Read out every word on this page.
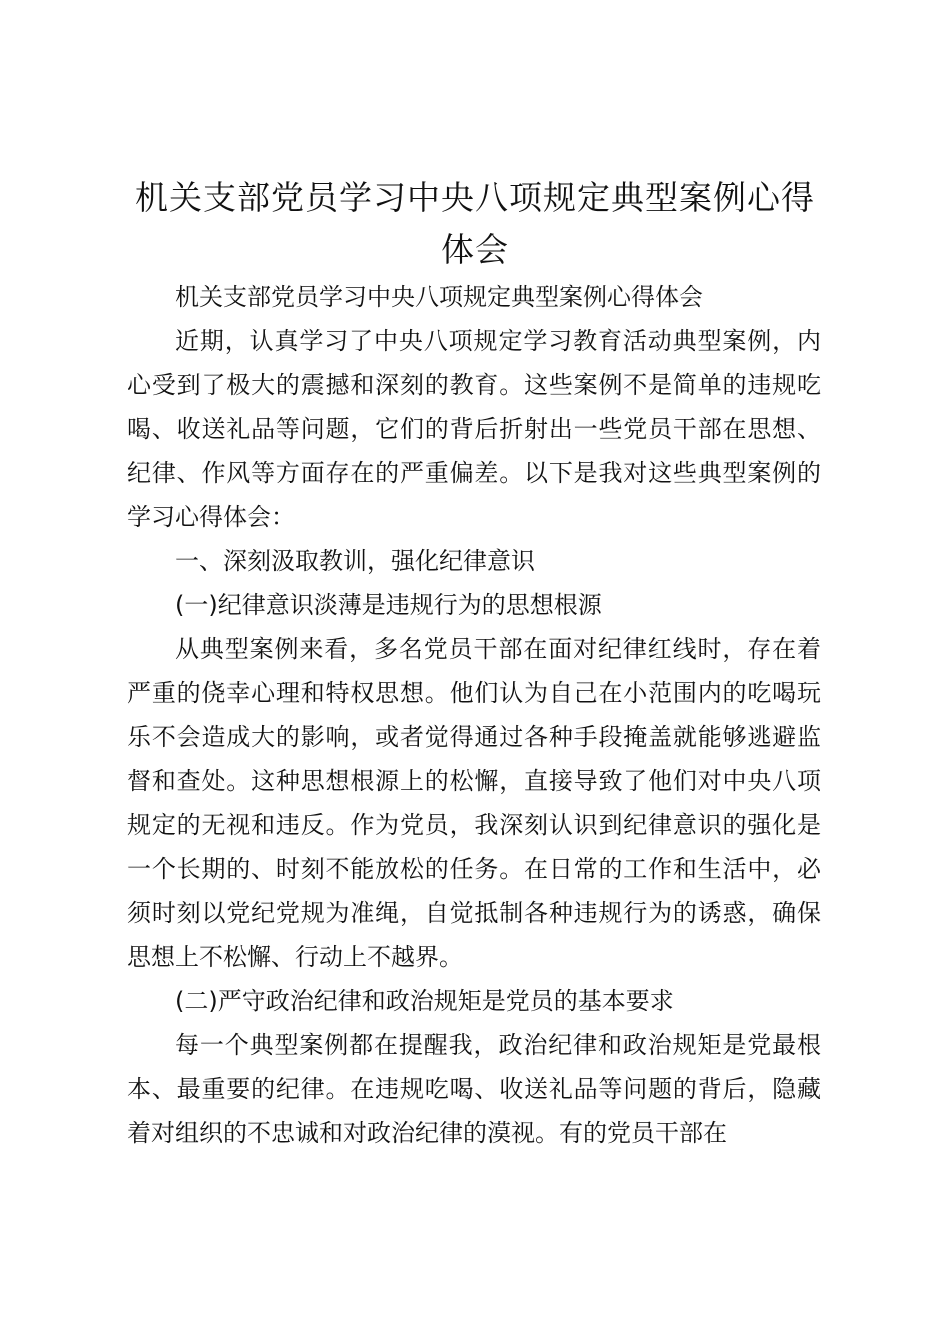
机关支部党员学习中央八项规定典型案例心得体会

机关支部党员学习中央八项规定典型案例心得体会

近期，认真学习了中央八项规定学习教育活动典型案例，内心受到了极大的震撼和深刻的教育。这些案例不是简单的违规吃喝、收送礼品等问题，它们的背后折射出一些党员干部在思想、纪律、作风等方面存在的严重偏差。以下是我对这些典型案例的学习心得体会：

一、深刻汲取教训，强化纪律意识

(一)纪律意识淡薄是违规行为的思想根源

从典型案例来看，多名党员干部在面对纪律红线时，存在着严重的侥幸心理和特权思想。他们认为自己在小范围内的吃喝玩乐不会造成大的影响，或者觉得通过各种手段掩盖就能够逃避监督和查处。这种思想根源上的松懈，直接导致了他们对中央八项规定的无视和违反。作为党员，我深刻认识到纪律意识的强化是一个长期的、时刻不能放松的任务。在日常的工作和生活中，必须时刻以党纪党规为准绳，自觉抵制各种违规行为的诱惑，确保思想上不松懈、行动上不越界。

(二)严守政治纪律和政治规矩是党员的基本要求

每一个典型案例都在提醒我，政治纪律和政治规矩是党最根本、最重要的纪律。在违规吃喝、收送礼品等问题的背后，隐藏着对组织的不忠诚和对政治纪律的漠视。有的党员干部在
